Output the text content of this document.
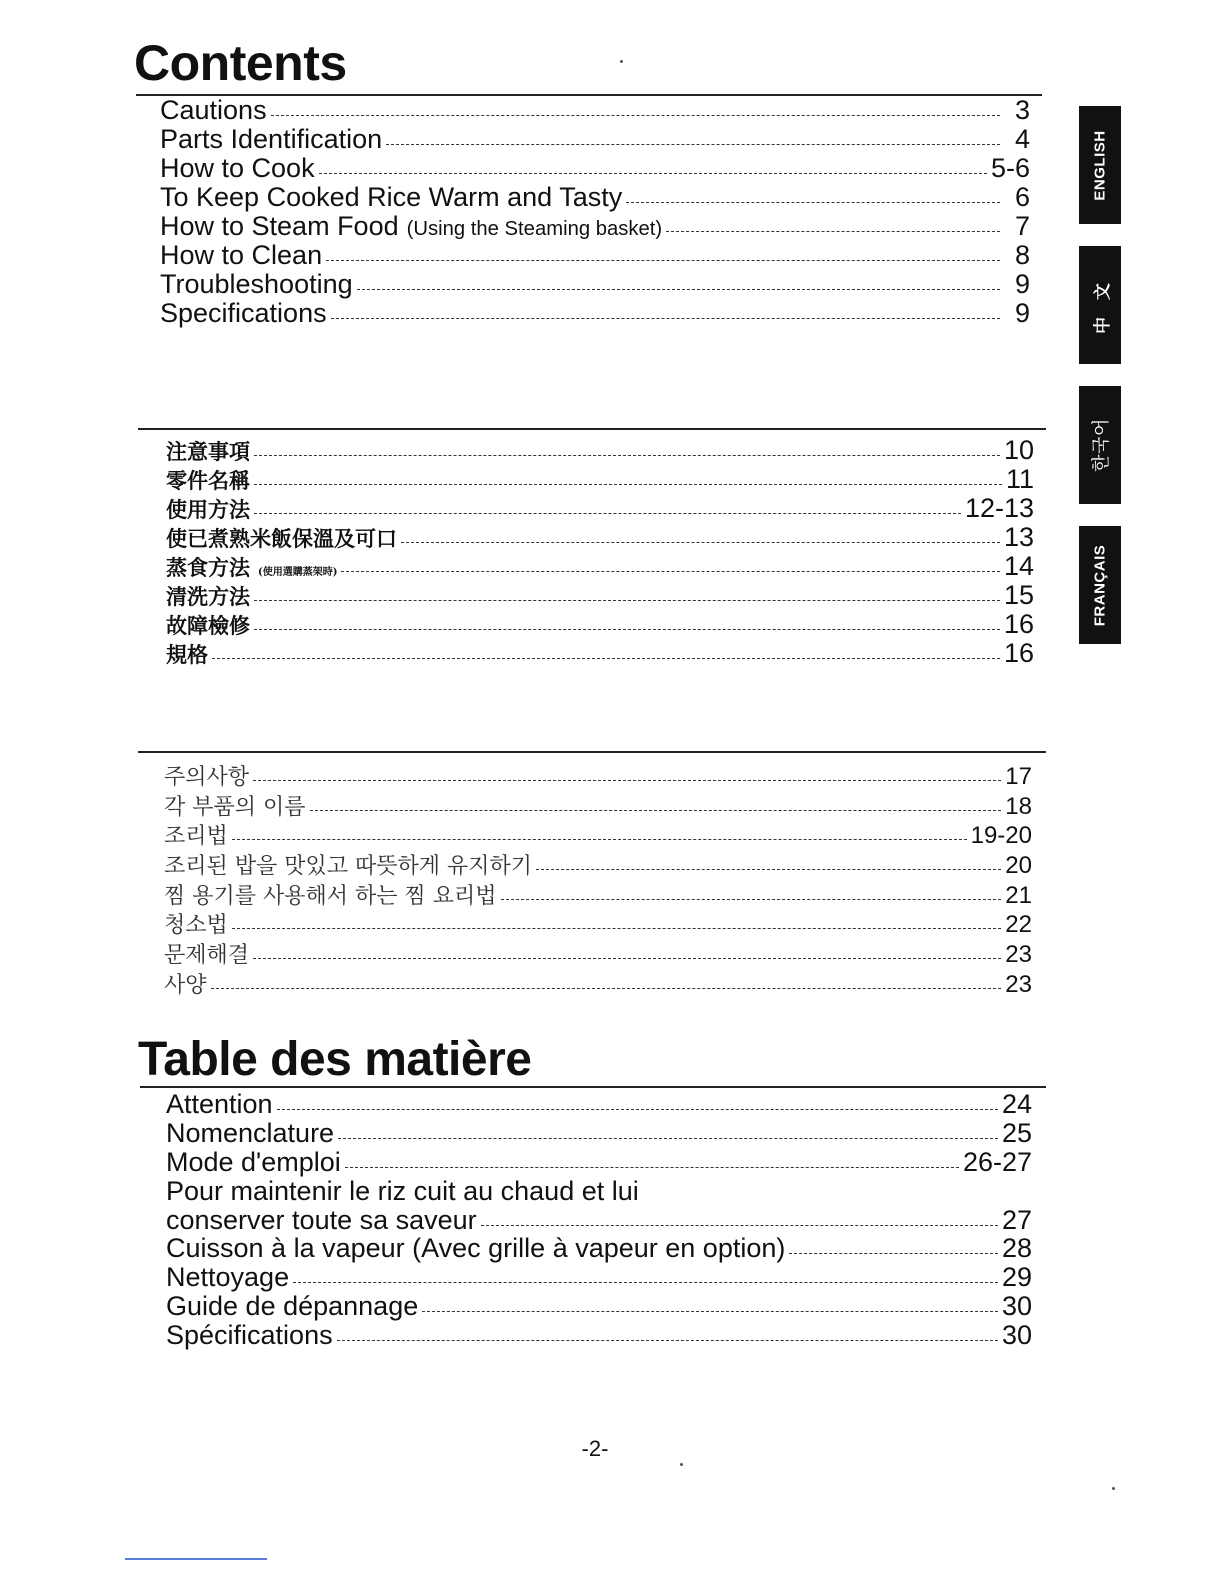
Contents
Cautions	3
Parts Identification	4
How to Cook	5-6
To Keep Cooked Rice Warm and Tasty	6
How to Steam Food (Using the Steaming basket)	7
How to Clean	8
Troubleshooting	9
Specifications	9
注意事項	10
零件名稱	11
使用方法	12-13
使已煮熟米飯保溫及可口	13
蒸食方法 (使用選購蒸架時)	14
清洗方法	15
故障檢修	16
規格	16
주의사항	17
각 부품의 이름	18
조리법	19-20
조리된 밥을 맛있고 따뜻하게 유지하기	20
찜 용기를 사용해서 하는 찜 요리법	21
청소법	22
문제해결	23
사양	23
Table des matière
Attention	24
Nomenclature	25
Mode d'emploi	26-27
Pour maintenir le riz cuit au chaud et lui
conserver toute sa saveur	27
Cuisson à la vapeur (Avec grille à vapeur en option)	28
Nettoyage	29
Guide de dépannage	30
Spécifications	30
ENGLISH
中 文
한국어
FRANÇAIS
-2-
